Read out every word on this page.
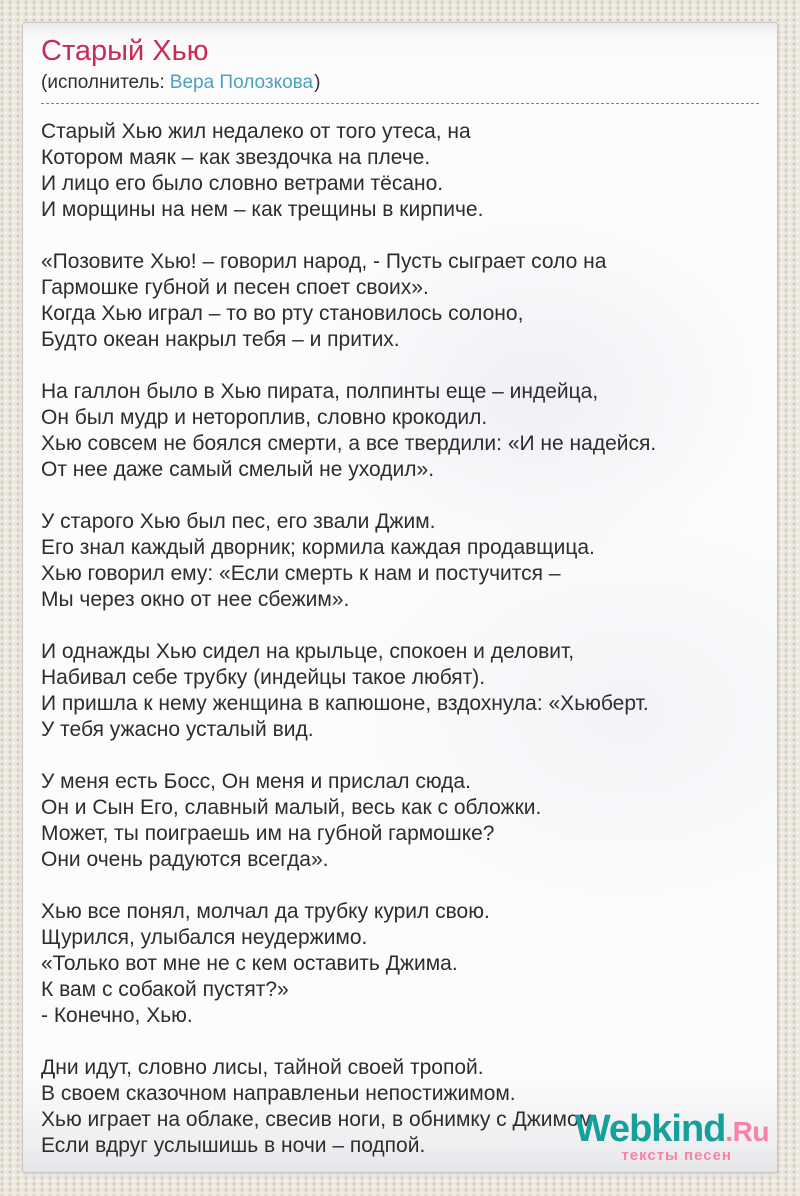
Старый Хью
(исполнитель: Вера Полозкова)

Старый Хью жил недалеко от того утеса, на
Котором маяк – как звездочка на плече.
И лицо его было словно ветрами тёсано.
И морщины на нем – как трещины в кирпиче.

«Позовите Хью! – говорил народ, - Пусть сыграет соло на
Гармошке губной и песен споет своих».
Когда Хью играл – то во рту становилось солоно,
Будто океан накрыл тебя – и притих.

На галлон было в Хью пирата, полпинты еще – индейца,
Он был мудр и нетороплив, словно крокодил.
Хью совсем не боялся смерти, а все твердили: «И не надейся.
От нее даже самый смелый не уходил».

У старого Хью был пес, его звали Джим.
Его знал каждый дворник; кормила каждая продавщица.
Хью говорил ему: «Если смерть к нам и постучится –
Мы через окно от нее сбежим».

И однажды Хью сидел на крыльце, спокоен и деловит,
Набивал себе трубку (индейцы такое любят).
И пришла к нему женщина в капюшоне, вздохнула: «Хьюберт.
У тебя ужасно усталый вид.

У меня есть Босс, Он меня и прислал сюда.
Он и Сын Его, славный малый, весь как с обложки.
Может, ты поиграешь им на губной гармошке?
Они очень радуются всегда».

Хью все понял, молчал да трубку курил свою.
Щурился, улыбался неудержимо.
«Только вот мне не с кем оставить Джима.
К вам с собакой пустят?»
- Конечно, Хью.

Дни идут, словно лисы, тайной своей тропой.
В своем сказочном направленьи непостижимом.
Хью играет на облаке, свесив ноги, в обнимку с Джимом.
Если вдруг услышишь в ночи – подпой.	Webkind.Ru
тексты песен
